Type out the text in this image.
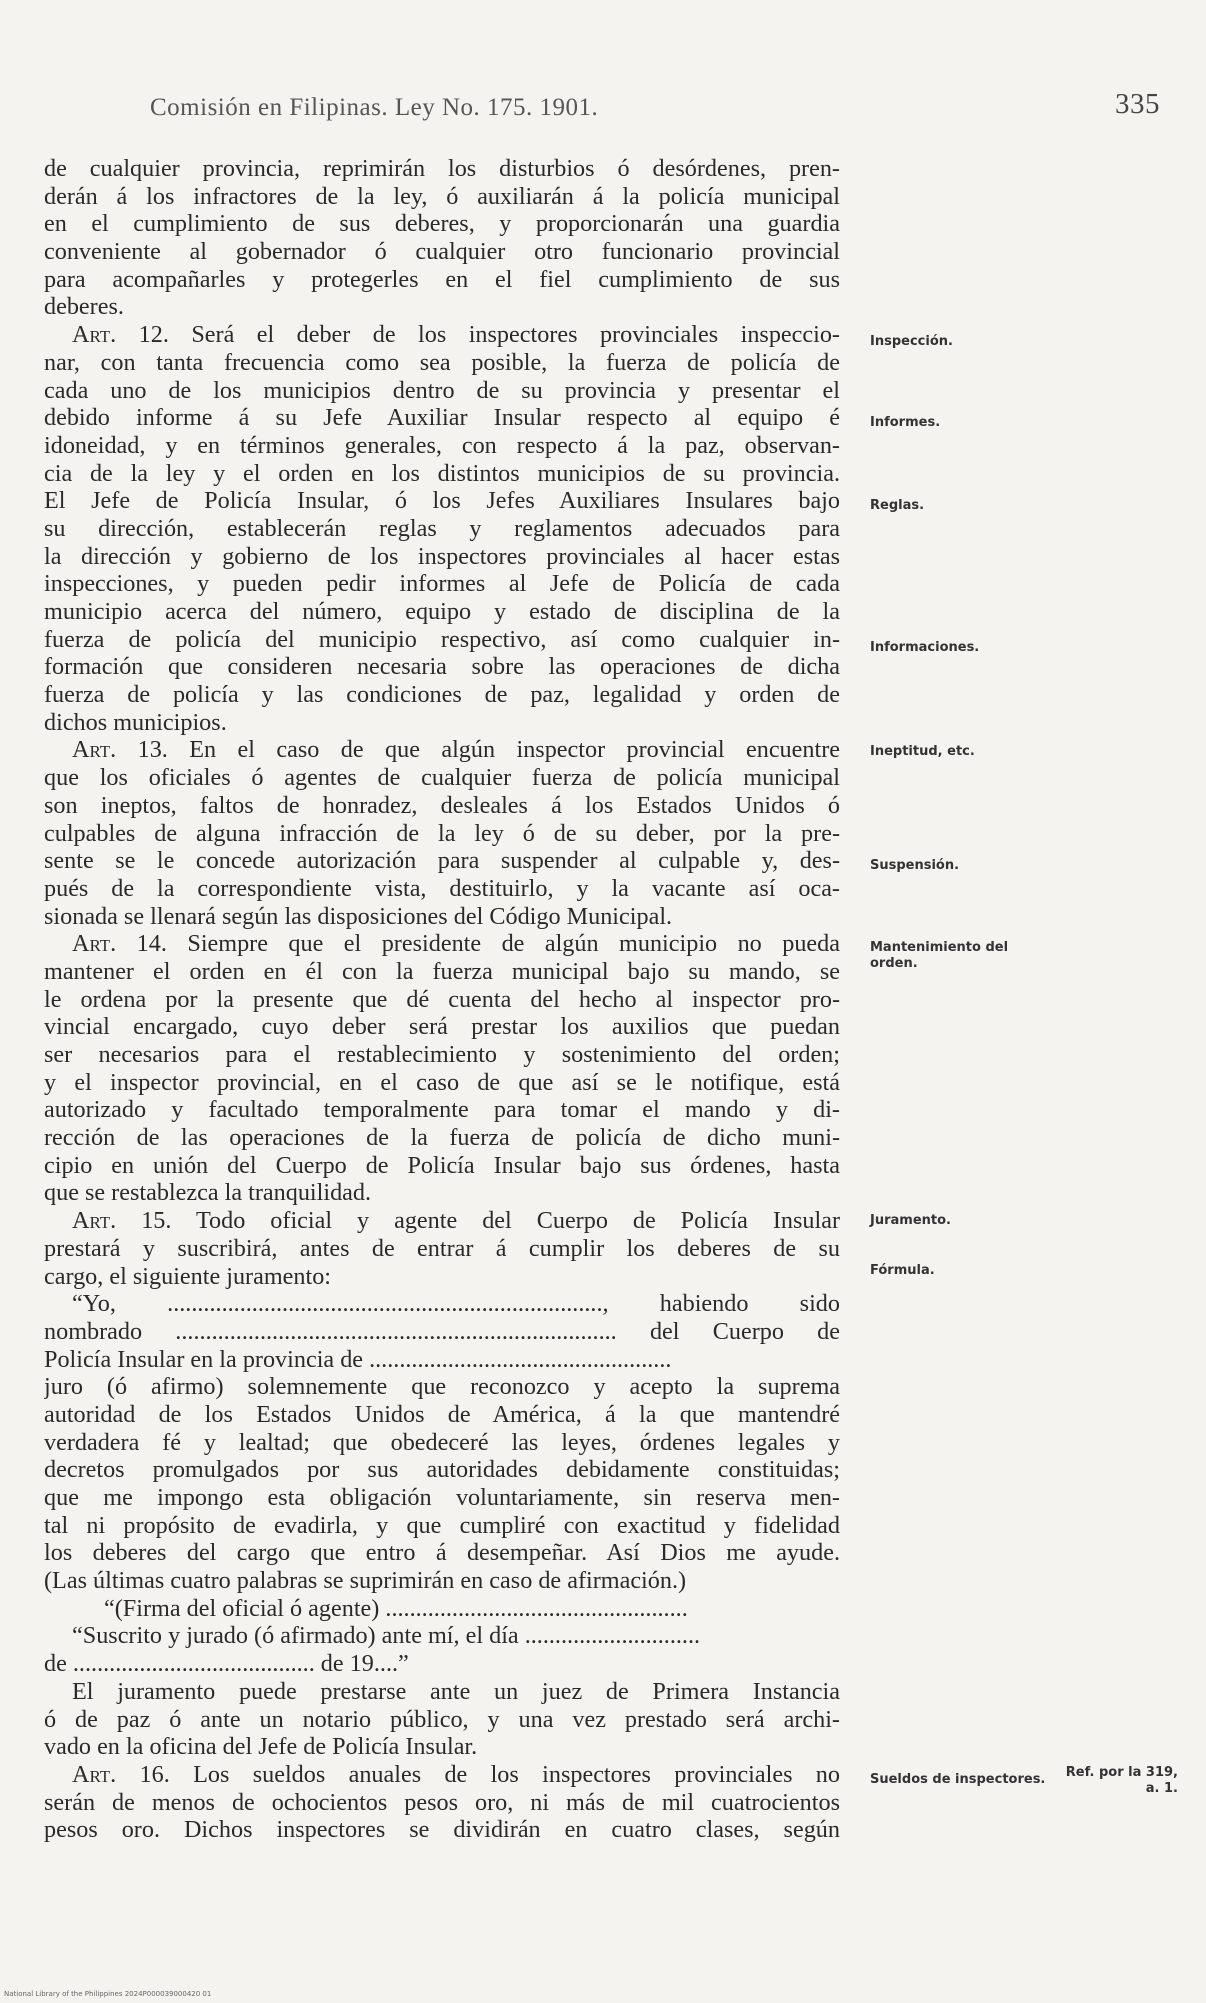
Comisión en Filipinas. Ley No. 175. 1901.	335
de cualquier provincia, reprimirán los disturbios ó desórdenes, pren-
derán á los infractores de la ley, ó auxiliarán á la policía municipal
en el cumplimiento de sus deberes, y proporcionarán una guardia
conveniente al gobernador ó cualquier otro funcionario provincial
para acompañarles y protegerles en el fiel cumplimiento de sus
deberes.
Art. 12. Será el deber de los inspectores provinciales inspeccio-
nar, con tanta frecuencia como sea posible, la fuerza de policía de
cada uno de los municipios dentro de su provincia y presentar el
debido informe á su Jefe Auxiliar Insular respecto al equipo é
idoneidad, y en términos generales, con respecto á la paz, observan-
cia de la ley y el orden en los distintos municipios de su provincia.
El Jefe de Policía Insular, ó los Jefes Auxiliares Insulares bajo
su dirección, establecerán reglas y reglamentos adecuados para
la dirección y gobierno de los inspectores provinciales al hacer estas
inspecciones, y pueden pedir informes al Jefe de Policía de cada
municipio acerca del número, equipo y estado de disciplina de la
fuerza de policía del municipio respectivo, así como cualquier in-
formación que consideren necesaria sobre las operaciones de dicha
fuerza de policía y las condiciones de paz, legalidad y orden de
dichos municipios.
Art. 13. En el caso de que algún inspector provincial encuentre
que los oficiales ó agentes de cualquier fuerza de policía municipal
son ineptos, faltos de honradez, desleales á los Estados Unidos ó
culpables de alguna infracción de la ley ó de su deber, por la pre-
sente se le concede autorización para suspender al culpable y, des-
pués de la correspondiente vista, destituirlo, y la vacante así oca-
sionada se llenará según las disposiciones del Código Municipal.
Art. 14. Siempre que el presidente de algún municipio no pueda
mantener el orden en él con la fuerza municipal bajo su mando, se
le ordena por la presente que dé cuenta del hecho al inspector pro-
vincial encargado, cuyo deber será prestar los auxilios que puedan
ser necesarios para el restablecimiento y sostenimiento del orden;
y el inspector provincial, en el caso de que así se le notifique, está
autorizado y facultado temporalmente para tomar el mando y di-
rección de las operaciones de la fuerza de policía de dicho muni-
cipio en unión del Cuerpo de Policía Insular bajo sus órdenes, hasta
que se restablezca la tranquilidad.
Art. 15. Todo oficial y agente del Cuerpo de Policía Insular
prestará y suscribirá, antes de entrar á cumplir los deberes de su
cargo, el siguiente juramento:
“Yo, ........................................................................, habiendo sido
nombrado ......................................................................... del Cuerpo de
Policía Insular en la provincia de ..................................................
juro (ó afirmo) solemnemente que reconozco y acepto la suprema
autoridad de los Estados Unidos de América, á la que mantendré
verdadera fé y lealtad; que obedeceré las leyes, órdenes legales y
decretos promulgados por sus autoridades debidamente constituidas;
que me impongo esta obligación voluntariamente, sin reserva men-
tal ni propósito de evadirla, y que cumpliré con exactitud y fidelidad
los deberes del cargo que entro á desempeñar. Así Dios me ayude.
(Las últimas cuatro palabras se suprimirán en caso de afirmación.)
“(Firma del oficial ó agente) ..................................................
“Suscrito y jurado (ó afirmado) ante mí, el día .............................
de ........................................ de 19....”
El juramento puede prestarse ante un juez de Primera Instancia
ó de paz ó ante un notario público, y una vez prestado será archi-
vado en la oficina del Jefe de Policía Insular.
Art. 16. Los sueldos anuales de los inspectores provinciales no
serán de menos de ochocientos pesos oro, ni más de mil cuatrocientos
pesos oro. Dichos inspectores se dividirán en cuatro clases, según
Inspección.
Informes.
Reglas.
Informaciones.
Ineptitud, etc.
Suspensión.
Mantenimiento del orden.
Juramento.
Fórmula.
Sueldos de inspectores.	Ref. por la 319, a. 1.
National Library of the Philippines 2024P000039000420 01
